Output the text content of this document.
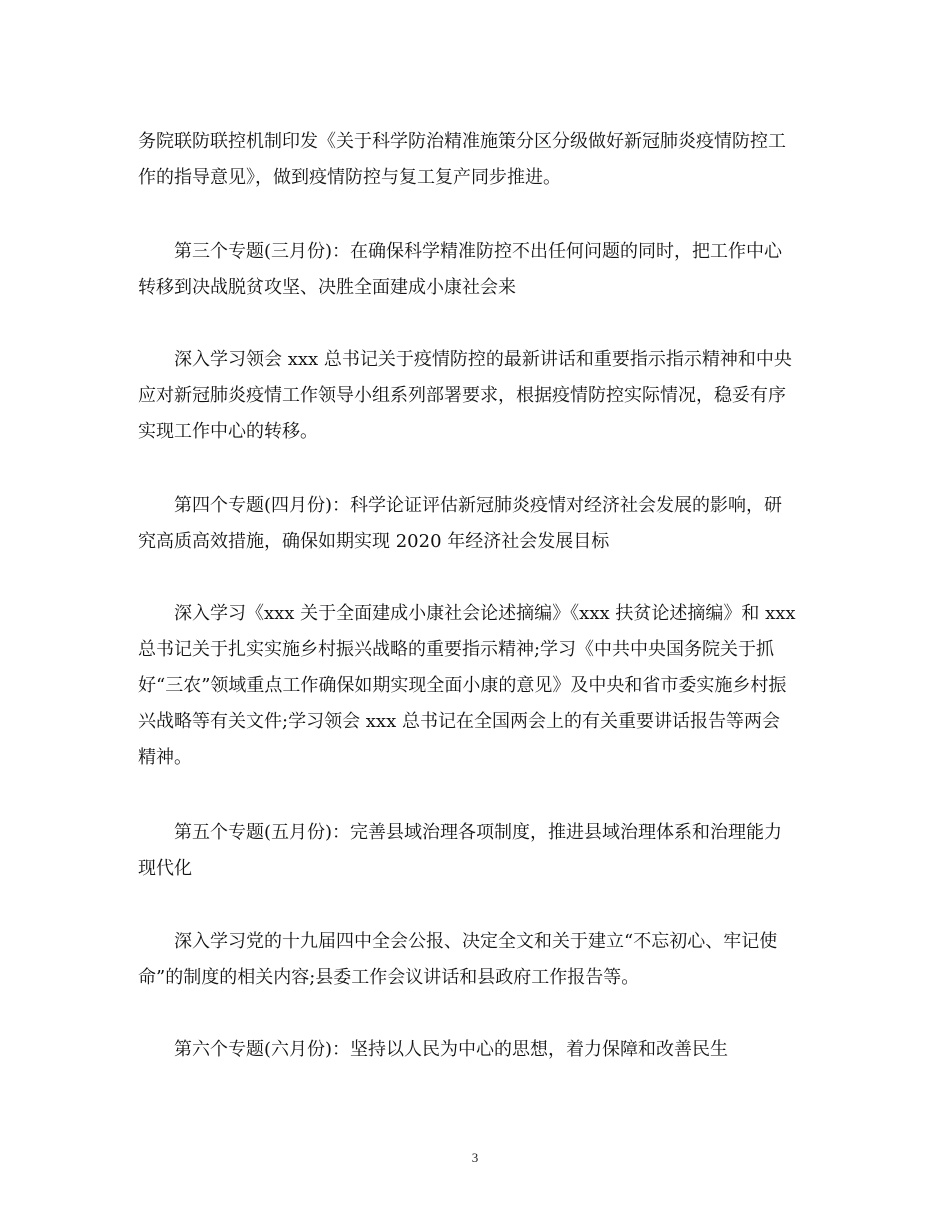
务院联防联控机制印发《关于科学防治精准施策分区分级做好新冠肺炎疫情防控工
作的指导意见》，做到疫情防控与复工复产同步推进。
第三个专题(三月份)：在确保科学精准防控不出任何问题的同时，把工作中心
转移到决战脱贫攻坚、决胜全面建成小康社会来
深入学习领会 xxx 总书记关于疫情防控的最新讲话和重要指示指示精神和中央
应对新冠肺炎疫情工作领导小组系列部署要求，根据疫情防控实际情况，稳妥有序
实现工作中心的转移。
第四个专题(四月份)：科学论证评估新冠肺炎疫情对经济社会发展的影响，研
究高质高效措施，确保如期实现 2020 年经济社会发展目标
深入学习《xxx 关于全面建成小康社会论述摘编》《xxx 扶贫论述摘编》和 xxx
总书记关于扎实实施乡村振兴战略的重要指示精神;学习《中共中央国务院关于抓
好“三农”领域重点工作确保如期实现全面小康的意见》及中央和省市委实施乡村振
兴战略等有关文件;学习领会 xxx 总书记在全国两会上的有关重要讲话报告等两会
精神。
第五个专题(五月份)：完善县域治理各项制度，推进县域治理体系和治理能力
现代化
深入学习党的十九届四中全会公报、决定全文和关于建立“不忘初心、牢记使
命”的制度的相关内容;县委工作会议讲话和县政府工作报告等。
第六个专题(六月份)：坚持以人民为中心的思想，着力保障和改善民生
3
